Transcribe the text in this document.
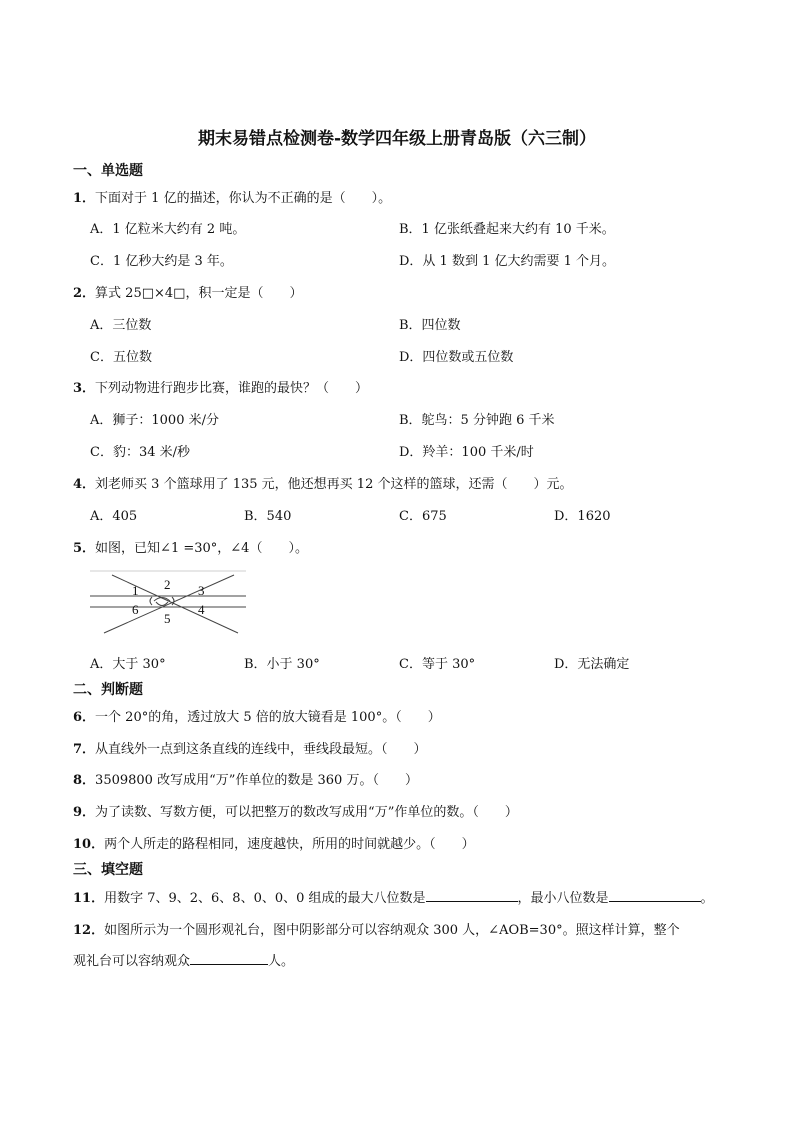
期末易错点检测卷-数学四年级上册青岛版（六三制）
一、单选题
1．下面对于 1 亿的描述，你认为不正确的是（　　）。
A．1 亿粒米大约有 2 吨。	B．1 亿张纸叠起来大约有 10 千米。
C．1 亿秒大约是 3 年。	D．从 1 数到 1 亿大约需要 1 个月。
2．算式 25□×4□，积一定是（　　）
A．三位数	B．四位数
C．五位数	D．四位数或五位数
3．下列动物进行跑步比赛，谁跑的最快？（　　）
A．狮子：1000 米/分	B．鸵鸟：5 分钟跑 6 千米
C．豹：34 米/秒	D．羚羊：100 千米/时
4．刘老师买 3 个篮球用了 135 元，他还想再买 12 个这样的篮球，还需（　　）元。
A．405	B．540	C．675	D．1620
5．如图，已知∠1 =30°，∠4（　　）。
1 2 3
4
5
6
A．大于 30°	B．小于 30°	C．等于 30°	D．无法确定
二、判断题
6．一个 20°的角，透过放大 5 倍的放大镜看是 100°。（　　）
7．从直线外一点到这条直线的连线中，垂线段最短。（　　）
8．3509800 改写成用“万”作单位的数是 360 万。（　　）
9．为了读数、写数方便，可以把整万的数改写成用“万”作单位的数。（　　）
10．两个人所走的路程相同，速度越快，所用的时间就越少。（　　）
三、填空题
11．用数字 7、9、2、6、8、0、0、0 组成的最大八位数是	，最小八位数是	。
12．如图所示为一个圆形观礼台，图中阴影部分可以容纳观众 300 人，∠AOB=30°。照这样计算，整个
观礼台可以容纳观众	人。
